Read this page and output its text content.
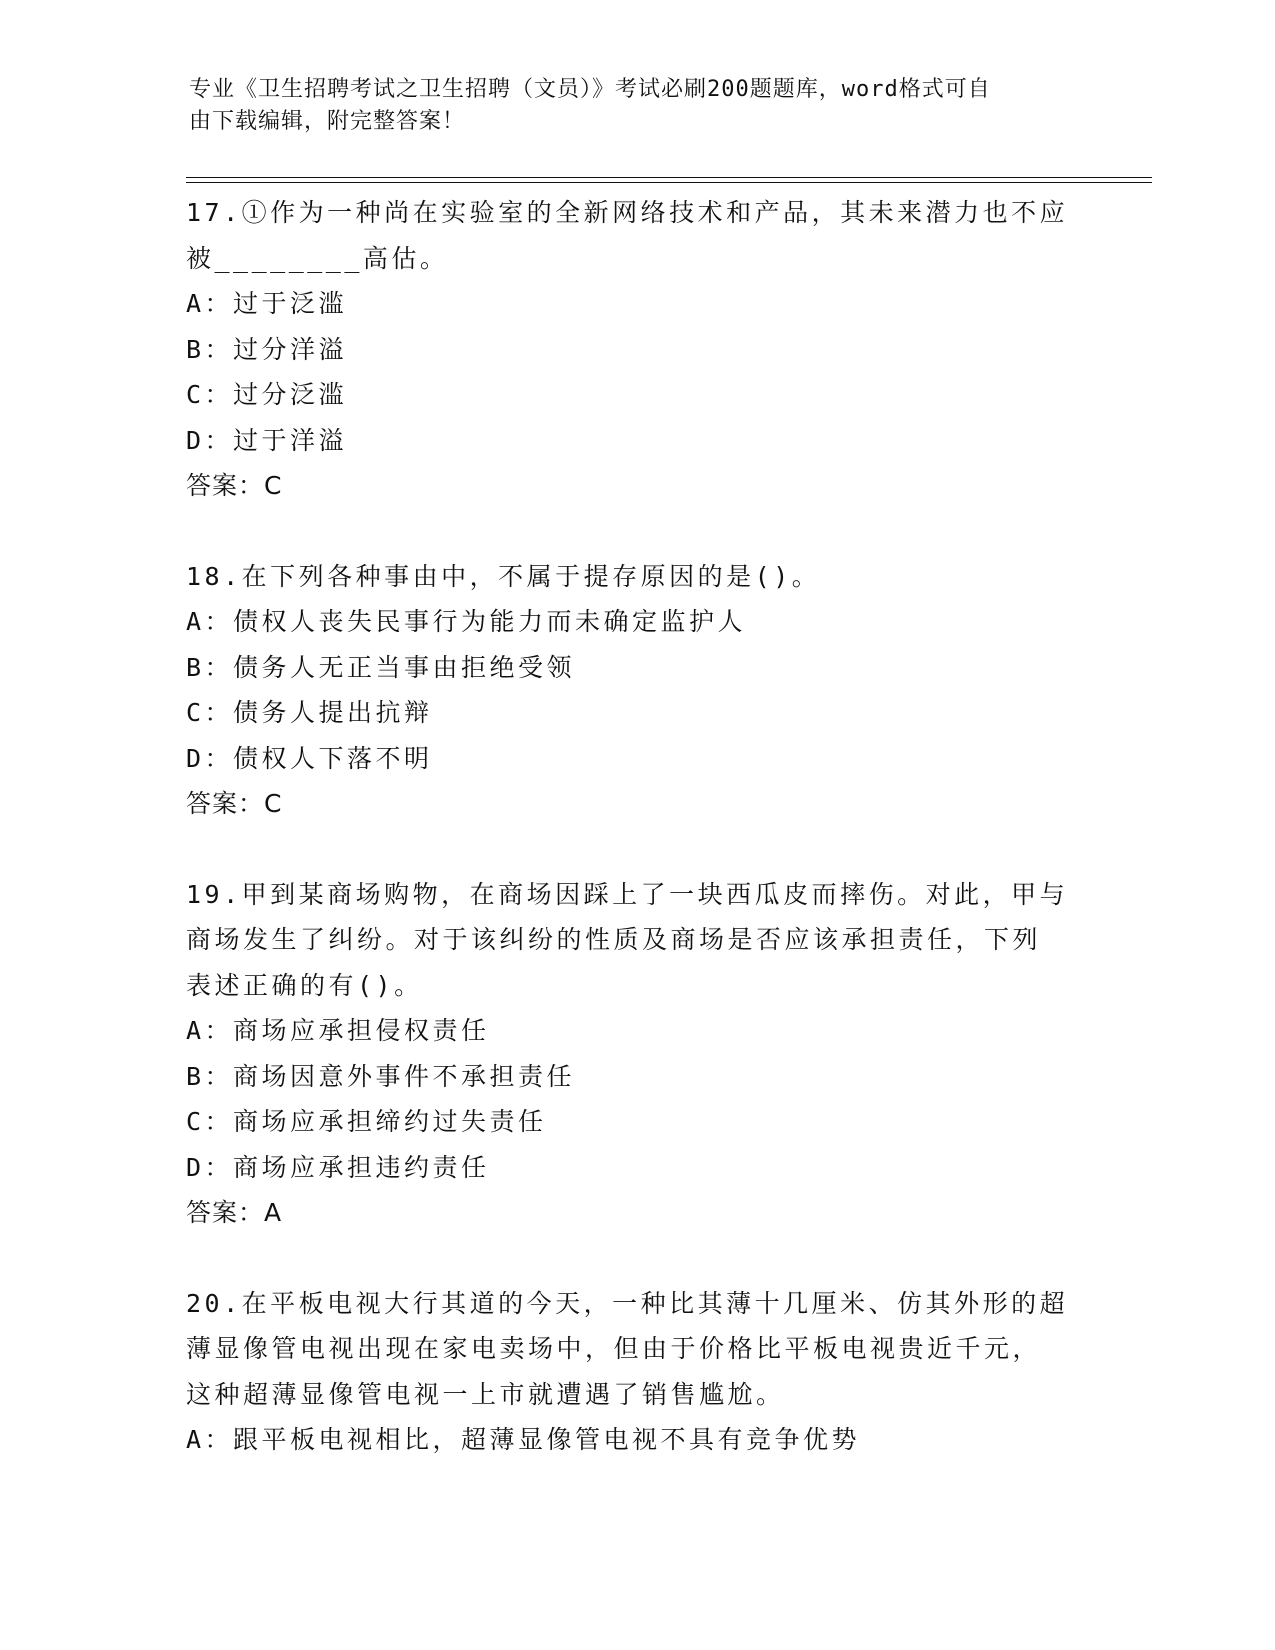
专业《卫生招聘考试之卫生招聘（文员）》考试必刷200题题库，word格式可自
由下载编辑，附完整答案！
17.①作为一种尚在实验室的全新网络技术和产品，其未来潜力也不应
被________高估。
A：过于泛滥
B：过分洋溢
C：过分泛滥
D：过于洋溢
答案：C
18.在下列各种事由中，不属于提存原因的是()。
A：债权人丧失民事行为能力而未确定监护人
B：债务人无正当事由拒绝受领
C：债务人提出抗辩
D：债权人下落不明
答案：C
19.甲到某商场购物，在商场因踩上了一块西瓜皮而摔伤。对此，甲与
商场发生了纠纷。对于该纠纷的性质及商场是否应该承担责任，下列
表述正确的有()。
A：商场应承担侵权责任
B：商场因意外事件不承担责任
C：商场应承担缔约过失责任
D：商场应承担违约责任
答案：A
20.在平板电视大行其道的今天，一种比其薄十几厘米、仿其外形的超
薄显像管电视出现在家电卖场中，但由于价格比平板电视贵近千元，
这种超薄显像管电视一上市就遭遇了销售尴尬。
A：跟平板电视相比，超薄显像管电视不具有竞争优势
